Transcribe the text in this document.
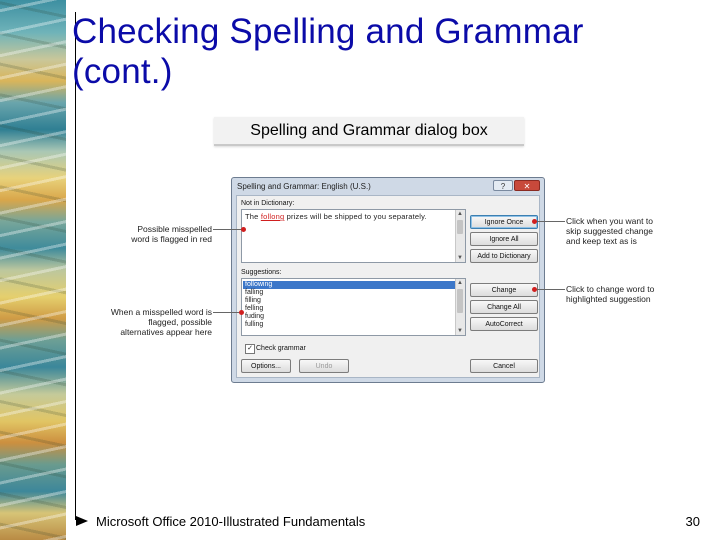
Checking Spelling and Grammar
(cont.)
Spelling and Grammar dialog box
Spelling and Grammar: English (U.S.)	?	✕
Not in Dictionary:
The follong prizes will be shipped to you separately.	▲
▼
Suggestions:
following
falling
filling
felling
fuding
fulling
▲
▼
Ignore Once
Ignore All
Add to Dictionary
Change
Change All
AutoCorrect
✓ Check grammar
Options...	Undo	Cancel
Possible misspelled word is flagged in red
When a misspelled word is flagged, possible alternatives appear here
Click when you want to skip suggested change and keep text as is
Click to change word to highlighted suggestion
Microsoft Office 2010-Illustrated Fundamentals	30
